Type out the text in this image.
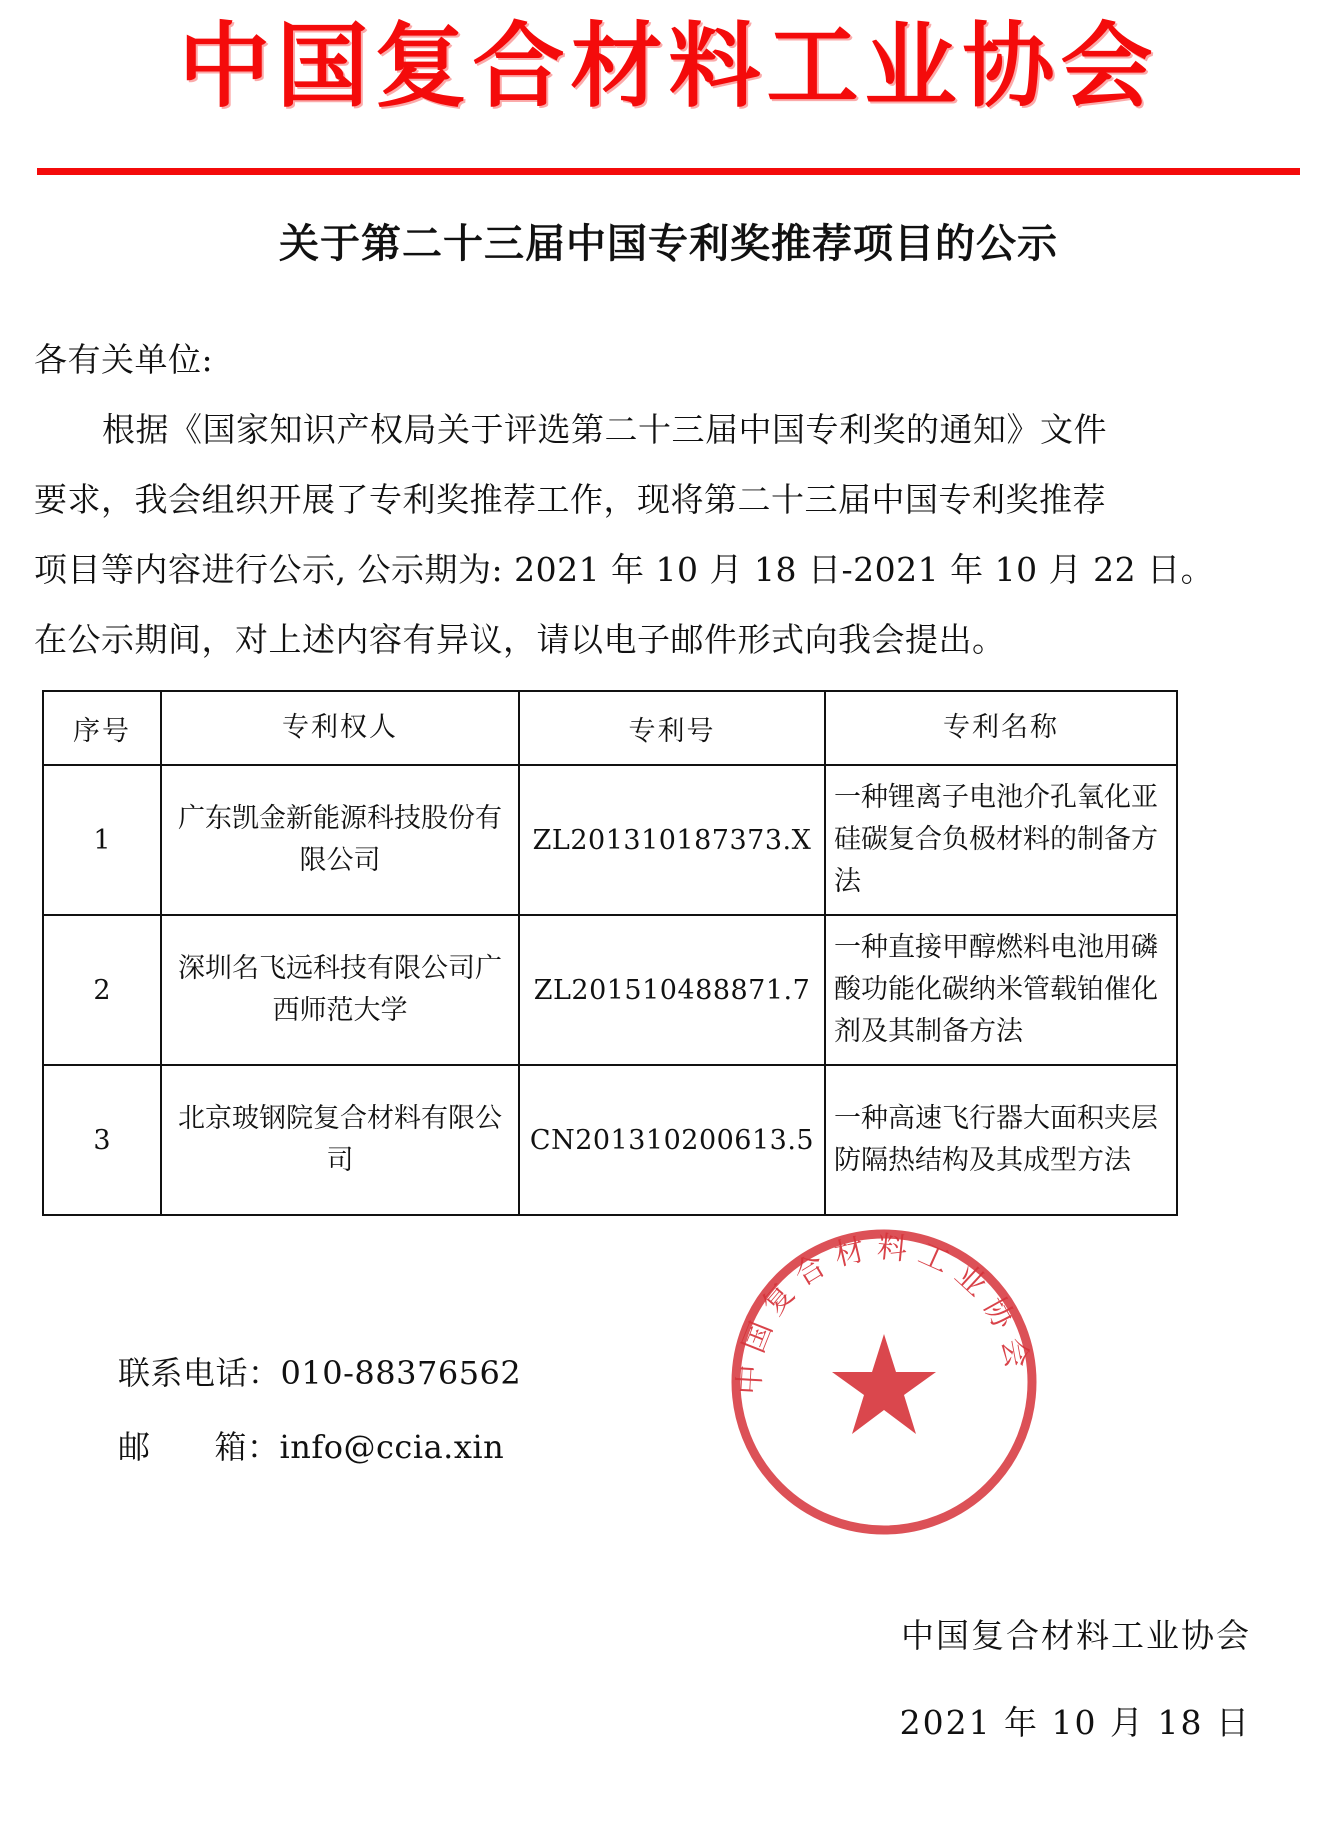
中国复合材料工业协会
关于第二十三届中国专利奖推荐项目的公示
各有关单位:
根据《国家知识产权局关于评选第二十三届中国专利奖的通知》文件
要求，我会组织开展了专利奖推荐工作，现将第二十三届中国专利奖推荐
项目等内容进行公示, 公示期为: 2021 年 10 月 18 日-2021 年 10 月 22 日。
在公示期间，对上述内容有异议，请以电子邮件形式向我会提出。
序号	专利权人	专利号	专利名称
1	广东凯金新能源科技股份有限公司	ZL201310187373.X	一种锂离子电池介孔氧化亚硅碳复合负极材料的制备方法
2	深圳名飞远科技有限公司广西师范大学	ZL201510488871.7	一种直接甲醇燃料电池用磷酸功能化碳纳米管载铂催化剂及其制备方法
3	北京玻钢院复合材料有限公司	CN201310200613.5	一种高速飞行器大面积夹层防隔热结构及其成型方法
联系电话：010-88376562
邮      箱：info@ccia.xin
中国复合材料工业协会
中国复合材料工业协会
2021 年 10 月 18 日
